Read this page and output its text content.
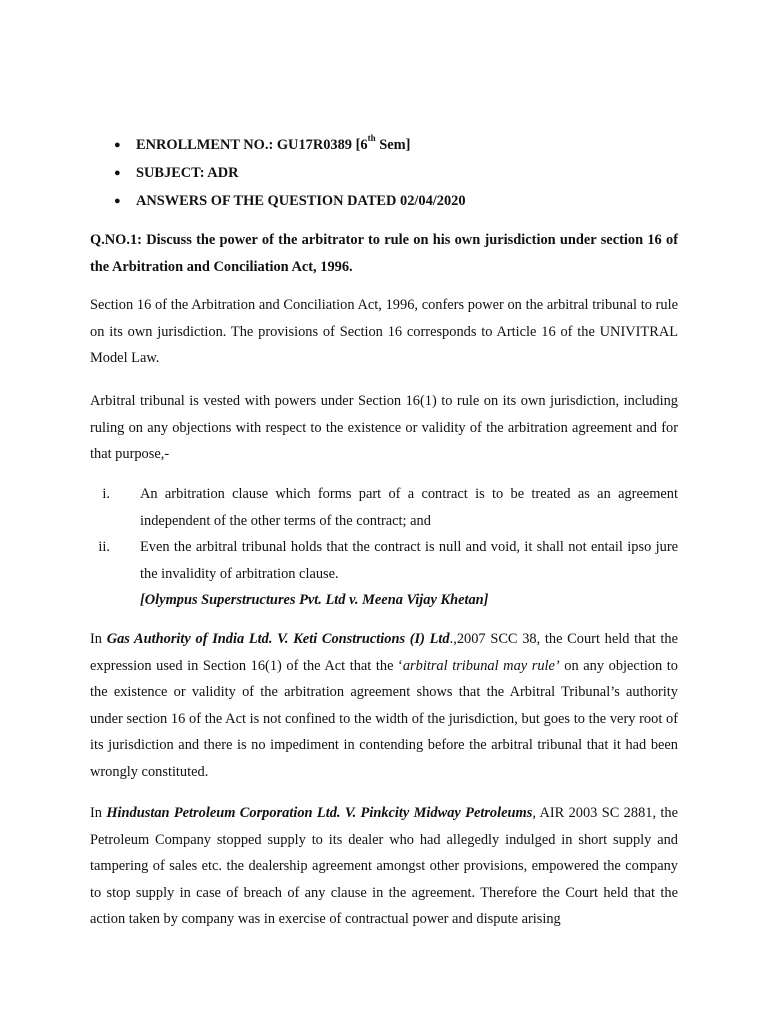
● ENROLLMENT NO.: GU17R0389 [6th Sem]
● SUBJECT: ADR
● ANSWERS OF THE QUESTION DATED 02/04/2020
Q.NO.1: Discuss the power of the arbitrator to rule on his own jurisdiction under section 16 of the Arbitration and Conciliation Act, 1996.
Section 16 of the Arbitration and Conciliation Act, 1996, confers power on the arbitral tribunal to rule on its own jurisdiction. The provisions of Section 16 corresponds to Article 16 of the UNIVITRAL Model Law.
Arbitral tribunal is vested with powers under Section 16(1) to rule on its own jurisdiction, including ruling on any objections with respect to the existence or validity of the arbitration agreement and for that purpose,-
i. An arbitration clause which forms part of a contract is to be treated as an agreement independent of the other terms of the contract; and
ii. Even the arbitral tribunal holds that the contract is null and void, it shall not entail ipso jure the invalidity of arbitration clause.
[Olympus Superstructures Pvt. Ltd v. Meena Vijay Khetan]
In Gas Authority of India Ltd. V. Keti Constructions (I) Ltd.,2007 SCC 38, the Court held that the expression used in Section 16(1) of the Act that the ‘arbitral tribunal may rule’ on any objection to the existence or validity of the arbitration agreement shows that the Arbitral Tribunal’s authority under section 16 of the Act is not confined to the width of the jurisdiction, but goes to the very root of its jurisdiction and there is no impediment in contending before the arbitral tribunal that it had been wrongly constituted.
In Hindustan Petroleum Corporation Ltd. V. Pinkcity Midway Petroleums, AIR 2003 SC 2881, the Petroleum Company stopped supply to its dealer who had allegedly indulged in short supply and tampering of sales etc. the dealership agreement amongst other provisions, empowered the company to stop supply in case of breach of any clause in the agreement. Therefore the Court held that the action taken by company was in exercise of contractual power and dispute arising
